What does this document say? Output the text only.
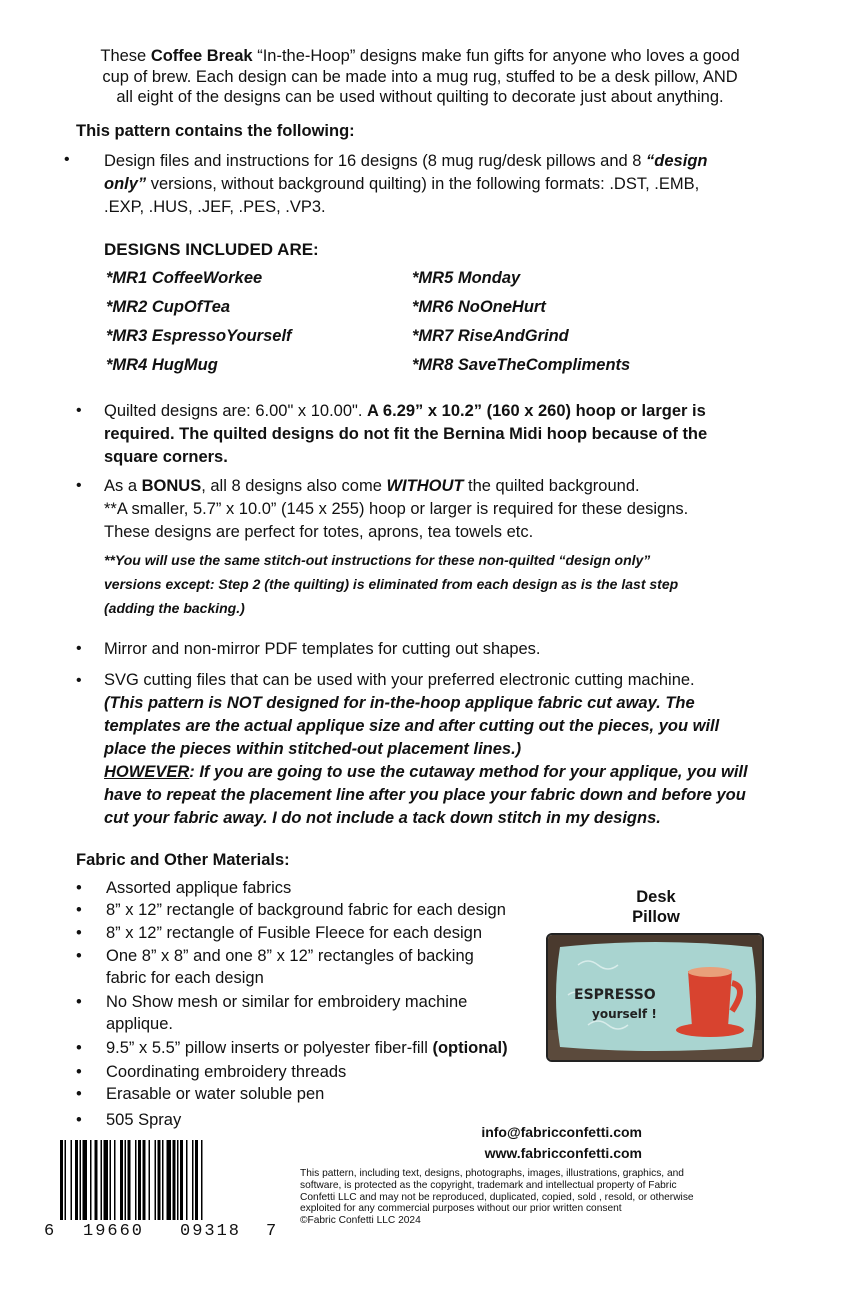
These Coffee Break “In-the-Hoop” designs make fun gifts for anyone who loves a good
cup of brew. Each design can be made into a mug rug, stuffed to be a desk pillow, AND
all eight of the designs can be used without quilting to decorate just about anything.
This pattern contains the following:
• Design files and instructions for 16 designs (8 mug rug/desk pillows and 8 “design
only” versions, without background quilting) in the following formats: .DST, .EMB,
.EXP, .HUS, .JEF, .PES, .VP3.
DESIGNS INCLUDED ARE:
*MR1 CoffeeWorkee
*MR2 CupOfTea
*MR3 EspressoYourself
*MR4 HugMug
*MR5 Monday
*MR6 NoOneHurt
*MR7 RiseAndGrind
*MR8 SaveTheCompliments
• Quilted designs are: 6.00" x 10.00". A 6.29” x 10.2” (160 x 260) hoop or larger is
required. The quilted designs do not fit the Bernina Midi hoop because of the
square corners.
• As a BONUS, all 8 designs also come WITHOUT the quilted background.
**A smaller, 5.7” x 10.0” (145 x 255) hoop or larger is required for these designs.
These designs are perfect for totes, aprons, tea towels etc.
**You will use the same stitch-out instructions for these non-quilted “design only”
versions except: Step 2 (the quilting) is eliminated from each design as is the last step
(adding the backing.)
• Mirror and non-mirror PDF templates for cutting out shapes.
• SVG cutting files that can be used with your preferred electronic cutting machine.
(This pattern is NOT designed for in-the-hoop applique fabric cut away. The
templates are the actual applique size and after cutting out the pieces, you will
place the pieces within stitched-out placement lines.)
HOWEVER: If you are going to use the cutaway method for your applique, you will
have to repeat the placement line after you place your fabric down and before you
cut your fabric away. I do not include a tack down stitch in my designs.
Fabric and Other Materials:
• Assorted applique fabrics
• 8” x 12” rectangle of background fabric for each design
• 8” x 12” rectangle of Fusible Fleece for each design
• One 8” x 8” and one 8” x 12” rectangles of backing
fabric for each design
• No Show mesh or similar for embroidery machine
applique.
• 9.5” x 5.5” pillow inserts or polyester fiber-fill (optional)
• Coordinating embroidery threads
• Erasable or water soluble pen
• 505 Spray
Desk
Pillow
ESPRESSO
yourself !
6 19660 09318 7
info@fabricconfetti.com
www.fabricconfetti.com
This pattern, including text, designs, photographs, images, illustrations, graphics, and
software, is protected as the copyright, trademark and intellectual property of Fabric
Confetti LLC and may not be reproduced, duplicated, copied, sold , resold, or otherwise
exploited for any commercial purposes without our prior written consent
©Fabric Confetti LLC 2024
